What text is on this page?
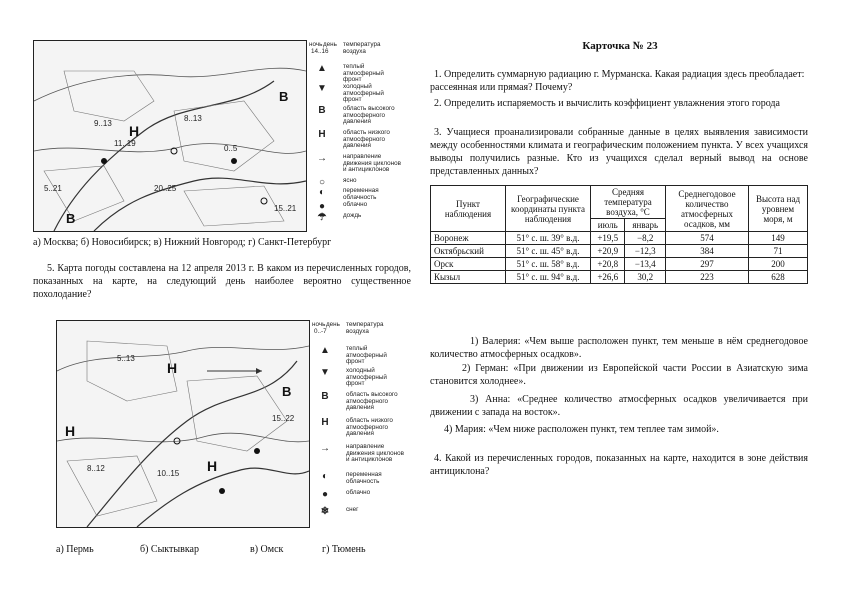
Н
В
В
5..21
9..13
11..19
8..13
0..5
20..25
15..21
ночь день
14..16
температура воздуха
▲	теплый атмосферный фронт
▼	холодный атмосферный фронт
В	область высокого атмосферного давления
Н	область низкого атмосферного давления
→	направление движения циклонов и антициклонов
○	ясно
◐	переменная облачность
●	облачно
☂	дождь
а) Москва; б) Новосибирск; в) Нижний Новгород; г) Санкт-Петербург
5. Карта погоды составлена на 12 апреля 2013 г. В каком из перечисленных городов, показанных на карте, на следующий день наиболее вероятно существенное похолодание?
Н
Н
Н
В
5..13
15..22
10..15
8..12
ночь день
0..-7
температура воздуха
▲	теплый атмосферный фронт
▼	холодный атмосферный фронт
В	область высокого атмосферного давления
Н	область низкого атмосферного давления
→	направление движения циклонов и антициклонов
◐	переменная облачность
●	облачно
❄	снег
а) Пермь	б) Сыктывкар	в) Омск	г) Тюмень
Карточка № 23
1. Определить суммарную радиацию г. Мурманска. Какая радиация здесь преобладает: рассеянная или прямая? Почему?
2. Определить испаряемость и вычислить коэффициент увлажнения этого города
3. Учащиеся проанализировали собранные данные в целях выявления зависимости между особенностями климата и географическим положением пункта. У всех учащихся выводы получились разные. Кто из учащихся сделал верный вывод на основе представленных данных?
Пункт наблюдения	Географические координаты пункта наблюдения	Средняя температура воздуха, °С		Среднегодовое количество атмосферных осадков, мм	Высота над уровнем моря, м
		июль	январь		
Воронеж	51° с. ш. 39° в.д.	+19,5	−8,2	574	149
Октябрьский	51° с. ш. 45° в.д.	+20,9	−12,3	384	71
Орск	51° с. ш. 58° в.д.	+20,8	−13,4	297	200
Кызыл	51° с. ш. 94° в.д.	+26,6	30,2	223	628
1) Валерия: «Чем выше расположен пункт, тем меньше в нём среднегодовое количество атмосферных осадков».
2) Герман: «При движении из Европейской части России в Азиатскую зима становится холоднее».
3) Анна: «Среднее количество атмосферных осадков увеличивается при движении с запада на восток».
4) Мария: «Чем ниже расположен пункт, тем теплее там зимой».
4. Какой из перечисленных городов, показанных на карте, находится в зоне действия антициклона?
